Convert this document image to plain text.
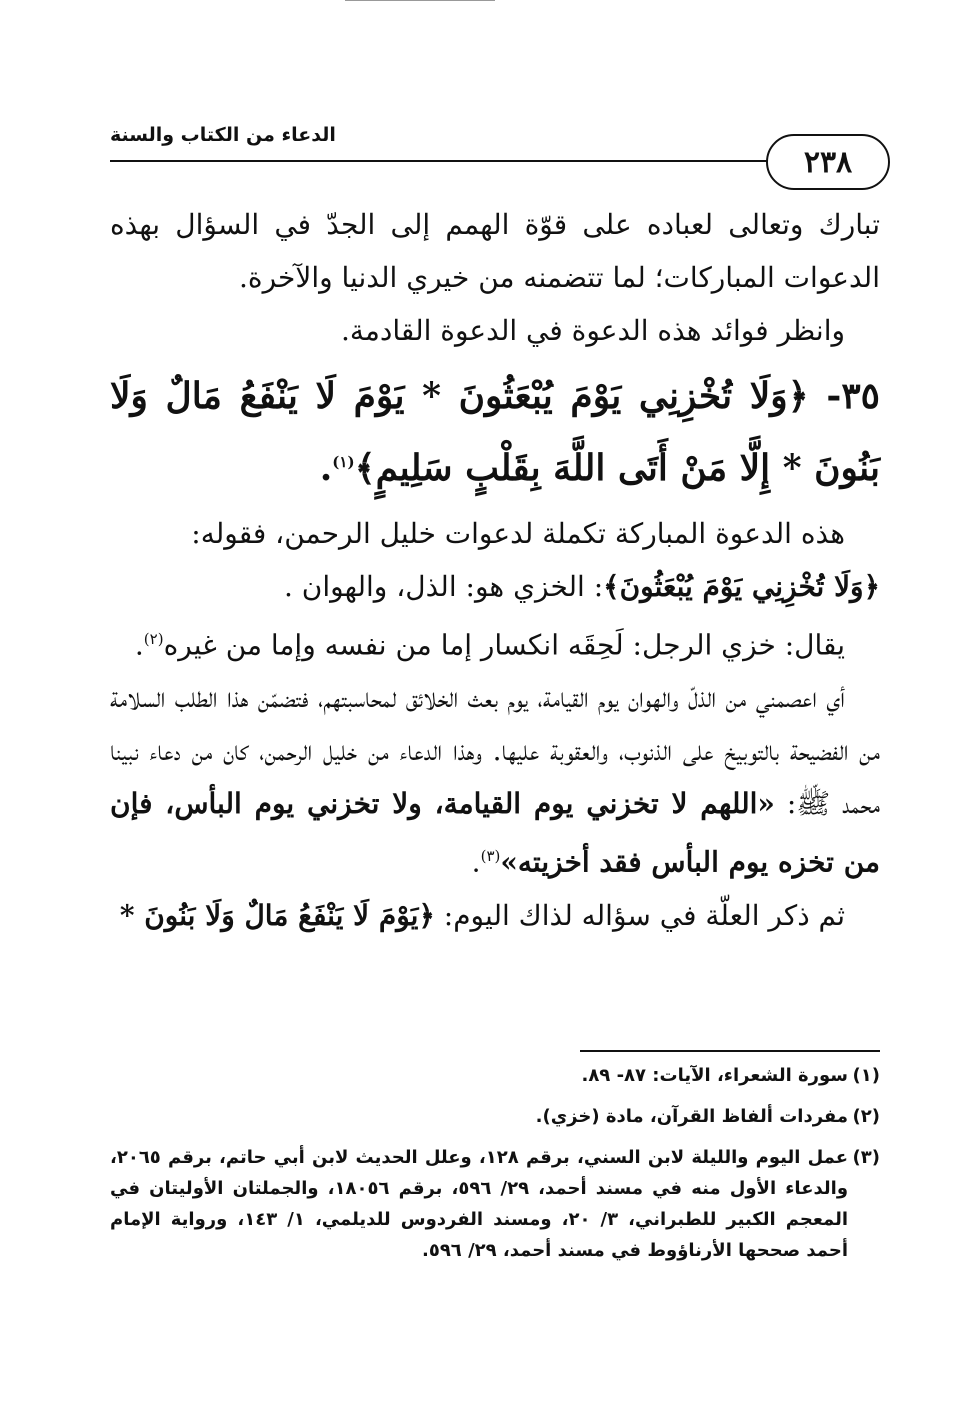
الدعاء من الكتاب والسنة
٢٣٨

تبارك وتعالى لعباده على قوّة الهمم إلى الجدّ في السؤال بهذه الدعوات المباركات؛ لما تتضمنه من خيري الدنيا والآخرة.

وانظر فوائد هذه الدعوة في الدعوة القادمة.

٣٥- ﴿وَلَا تُخْزِنِي يَوْمَ يُبْعَثُونَ * يَوْمَ لَا يَنْفَعُ مَالٌ وَلَا بَنُونَ * إِلَّا مَنْ أَتَى اللَّهَ بِقَلْبٍ سَلِيمٍ﴾$^{(١)}$.

هذه الدعوة المباركة تكملة لدعوات خليل الرحمن، فقوله:

﴿وَلَا تُخْزِنِي يَوْمَ يُبْعَثُونَ﴾: الخزي هو: الذل، والهوان .

يقال: خزي الرجل: لَحِقَه انكسار إما من نفسه وإما من غيره$^{(٢)}$.

أي اعصمني من الذلّ والهوان يوم القيامة، يوم بعث الخلائق لمحاسبتهم، فتضمّن هذا الطلب السلامة من الفضيحة بالتوبيخ على الذنوب، والعقوبة عليها. وهذا الدعاء من خليل الرحمن، كان من دعاء نبينا محمد ﷺ: «اللهم لا تخزني يوم القيامة، ولا تخزني يوم البأس، فإن من تخزه يوم البأس فقد أخزيته»$^{(٣)}$.

ثم ذكر العلّة في سؤاله لذاك اليوم: ﴿يَوْمَ لَا يَنْفَعُ مَالٌ وَلَا بَنُونَ *

(١)
سورة الشعراء، الآيات: ٨٧- ٨٩.
(٢)
مفردات ألفاظ القرآن، مادة (خزي).
(٣)
عمل اليوم والليلة لابن السني، برقم ١٢٨، وعلل الحديث لابن أبي حاتم، برقم ٢٠٦٥، والدعاء الأول منه في مسند أحمد، ٢٩/ ٥٩٦، برقم ١٨٠٥٦، والجملتان الأوليتان في المعجم الكبير للطبراني، ٣/ ٢٠، ومسند الفردوس للديلمي، ١/ ١٤٣، ورواية الإمام أحمد صححها الأرناؤوط في مسند أحمد، ٢٩/ ٥٩٦.
